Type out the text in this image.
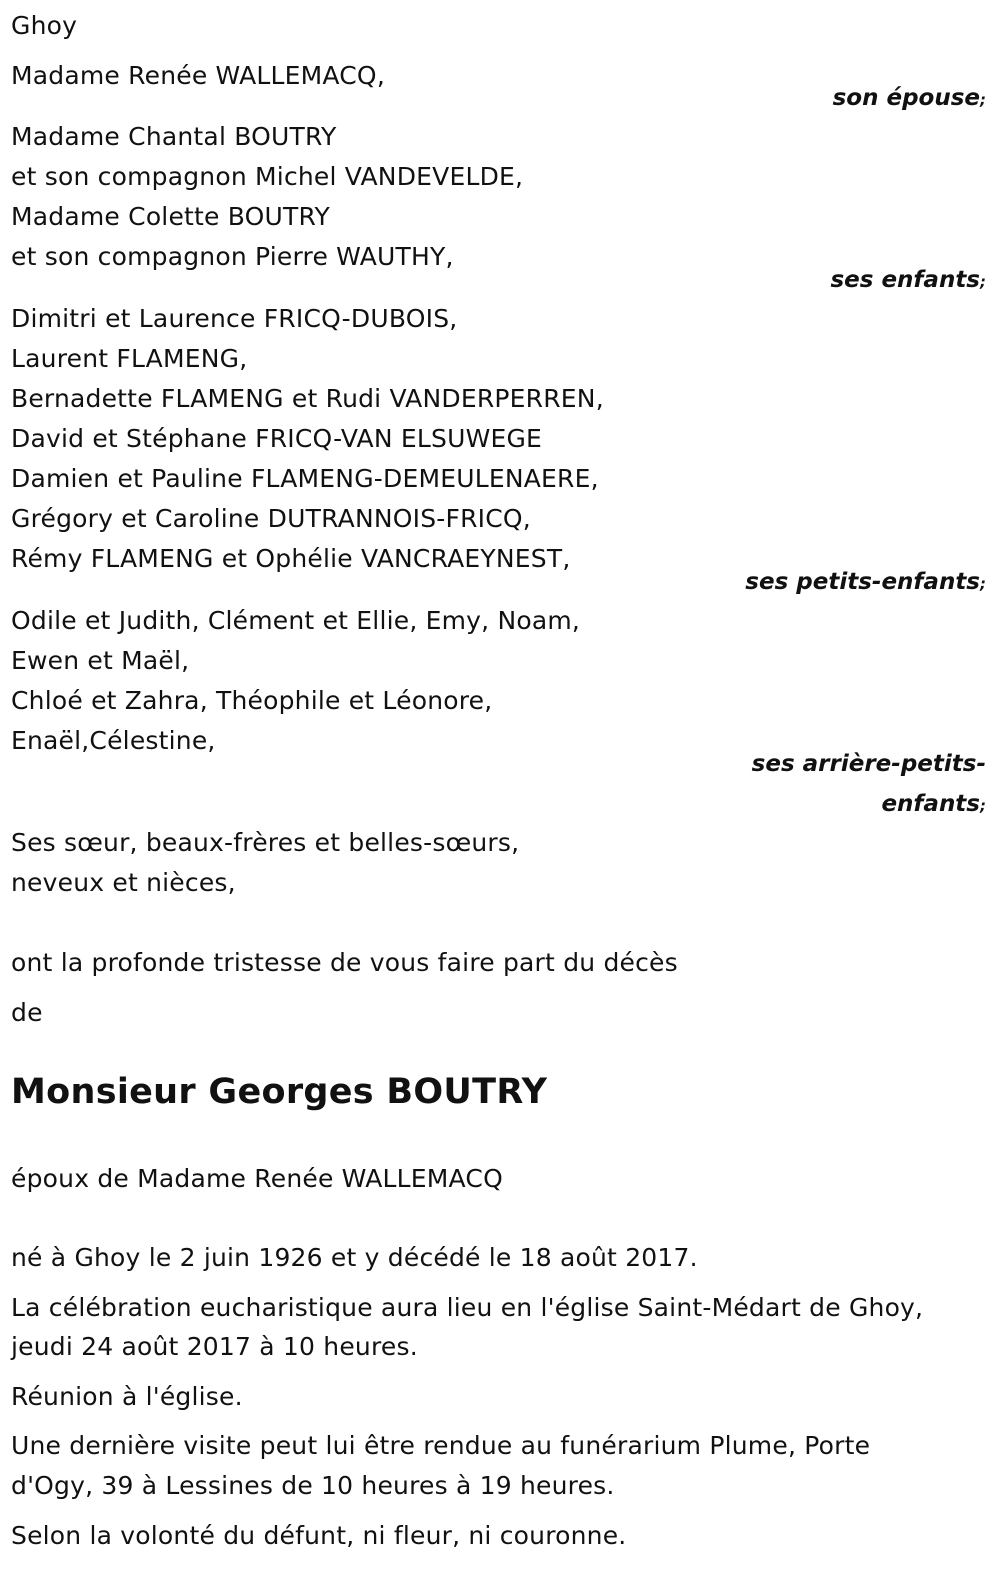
Ghoy
Madame Renée WALLEMACQ,
son épouse;
Madame Chantal BOUTRY
et son compagnon Michel VANDEVELDE,
Madame Colette BOUTRY
et son compagnon Pierre WAUTHY,
ses enfants;
Dimitri et Laurence FRICQ-DUBOIS,
Laurent FLAMENG,
Bernadette FLAMENG et Rudi VANDERPERREN,
David et Stéphane FRICQ-VAN ELSUWEGE
Damien et Pauline FLAMENG-DEMEULENAERE,
Grégory et Caroline DUTRANNOIS-FRICQ,
Rémy FLAMENG et Ophélie VANCRAEYNEST,
ses petits-enfants;
Odile et Judith, Clément et Ellie, Emy, Noam,
Ewen et Maël,
Chloé et Zahra, Théophile et Léonore,
Enaël,Célestine,
ses arrière-petits-
enfants;
Ses sœur, beaux-frères et belles-sœurs,
neveux et nièces,
ont la profonde tristesse de vous faire part du décès
de
Monsieur Georges BOUTRY
époux de Madame Renée WALLEMACQ
né à Ghoy le 2 juin 1926 et y décédé le 18 août 2017.
La célébration eucharistique aura lieu en l'église Saint-Médart de Ghoy,
jeudi 24 août 2017 à 10 heures.
Réunion à l'église.
Une dernière visite peut lui être rendue au funérarium Plume, Porte
d'Ogy, 39 à Lessines de 10 heures à 19 heures.
Selon la volonté du défunt, ni fleur, ni couronne.
